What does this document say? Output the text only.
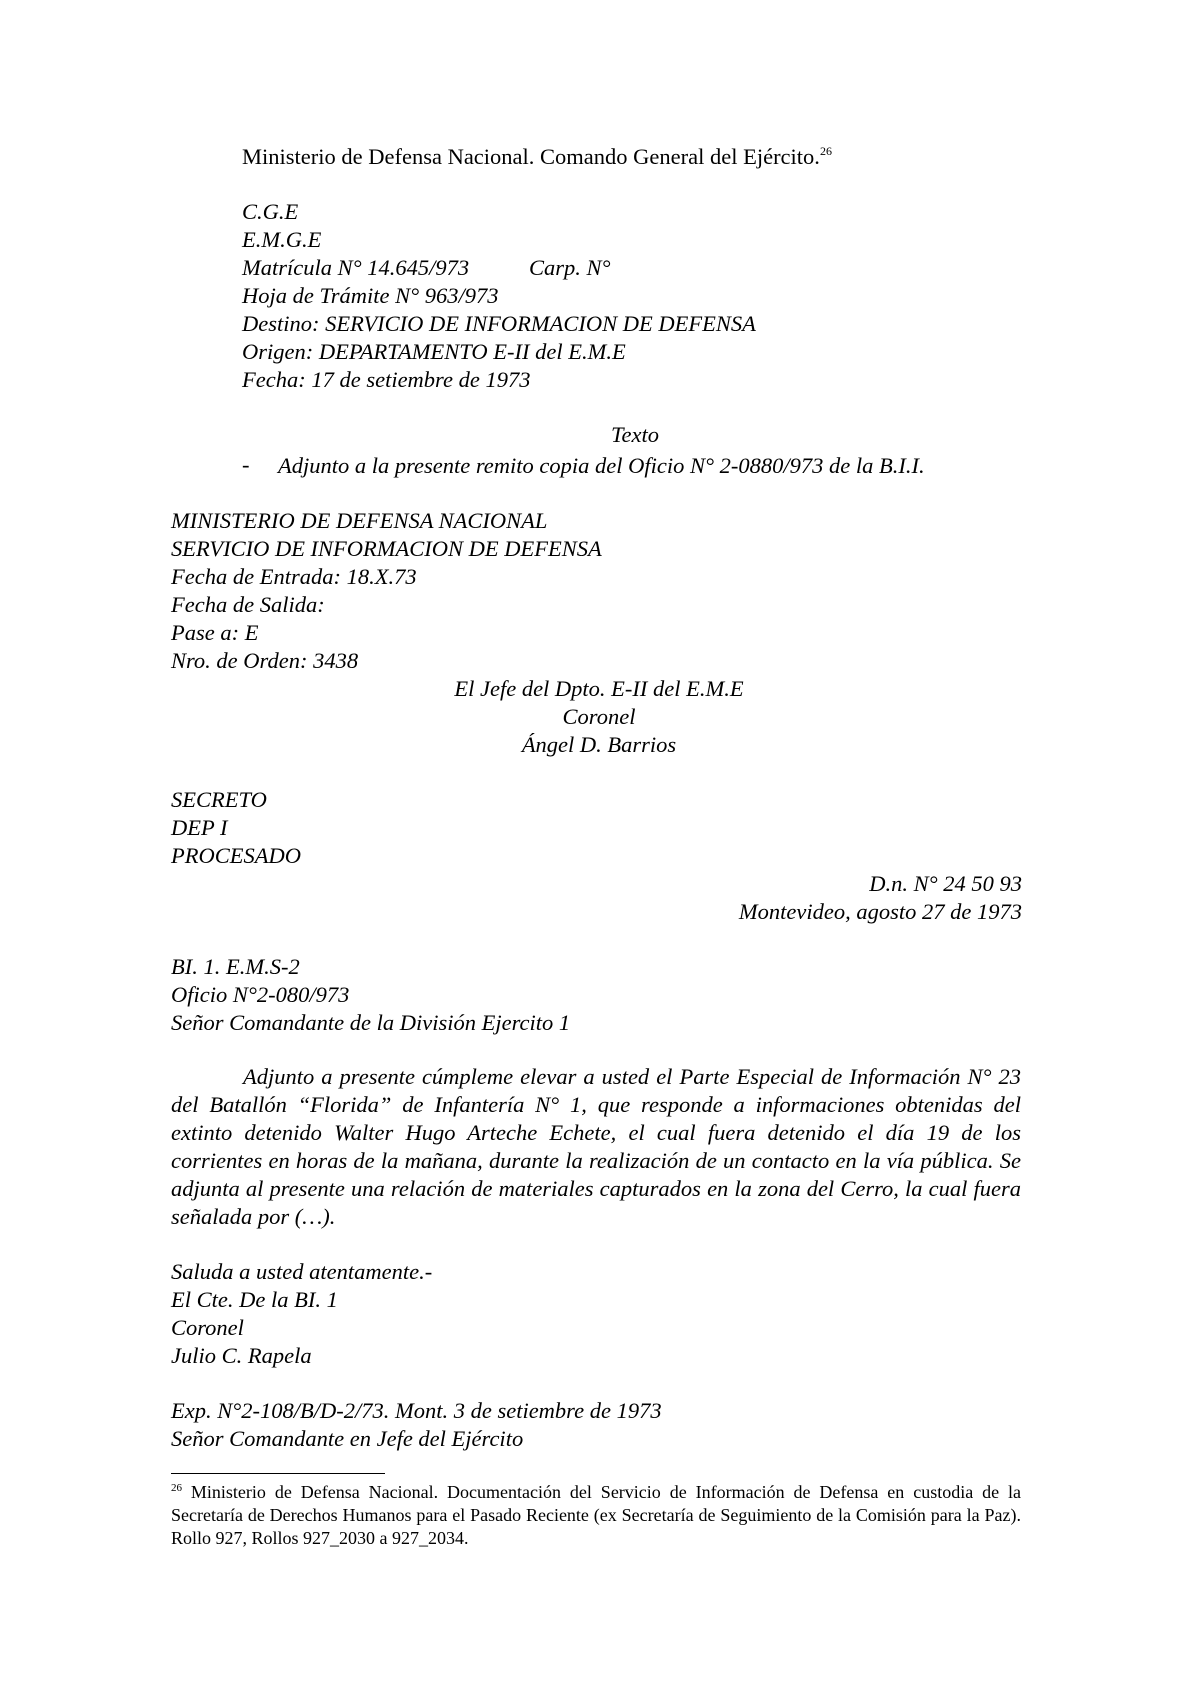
Ministerio de Defensa Nacional. Comando General del Ejército.$^{26}$
C.G.E
E.M.G.E
Matrícula N° 14.645/973	Carp. N°
Hoja de Trámite N° 963/973
Destino: SERVICIO DE INFORMACION DE DEFENSA
Origen: DEPARTAMENTO E-II del E.M.E
Fecha: 17 de setiembre de 1973
Texto
- Adjunto a la presente remito copia del Oficio N° 2-0880/973 de la B.I.I.
MINISTERIO DE DEFENSA NACIONAL
SERVICIO DE INFORMACION DE DEFENSA
Fecha de Entrada: 18.X.73
Fecha de Salida:
Pase a: E
Nro. de Orden: 3438
El Jefe del Dpto. E-II del E.M.E
Coronel
Ángel D. Barrios
SECRETO
DEP I
PROCESADO
D.n. N° 24 50 93
Montevideo, agosto 27 de 1973
BI. 1. E.M.S-2
Oficio N°2-080/973
Señor Comandante de la División Ejercito 1

Adjunto a presente cúmpleme elevar a usted el Parte Especial de Información N° 23 del Batallón “Florida” de Infantería N° 1, que responde a informaciones obtenidas del extinto detenido Walter Hugo Arteche Echete, el cual fuera detenido el día 19 de los corrientes en horas de la mañana, durante la realización de un contacto en la vía pública. Se adjunta al presente una relación de materiales capturados en la zona del Cerro, la cual fuera señalada por (…).

Saluda a usted atentamente.-
El Cte. De la BI. 1
Coronel
Julio C. Rapela
Exp. N°2-108/B/D-2/73. Mont. 3 de setiembre de 1973
Señor Comandante en Jefe del Ejército
$^{26}$ Ministerio de Defensa Nacional. Documentación del Servicio de Información de Defensa en custodia de la Secretaría de Derechos Humanos para el Pasado Reciente (ex Secretaría de Seguimiento de la Comisión para la Paz). Rollo 927, Rollos 927_2030 a 927_2034.
